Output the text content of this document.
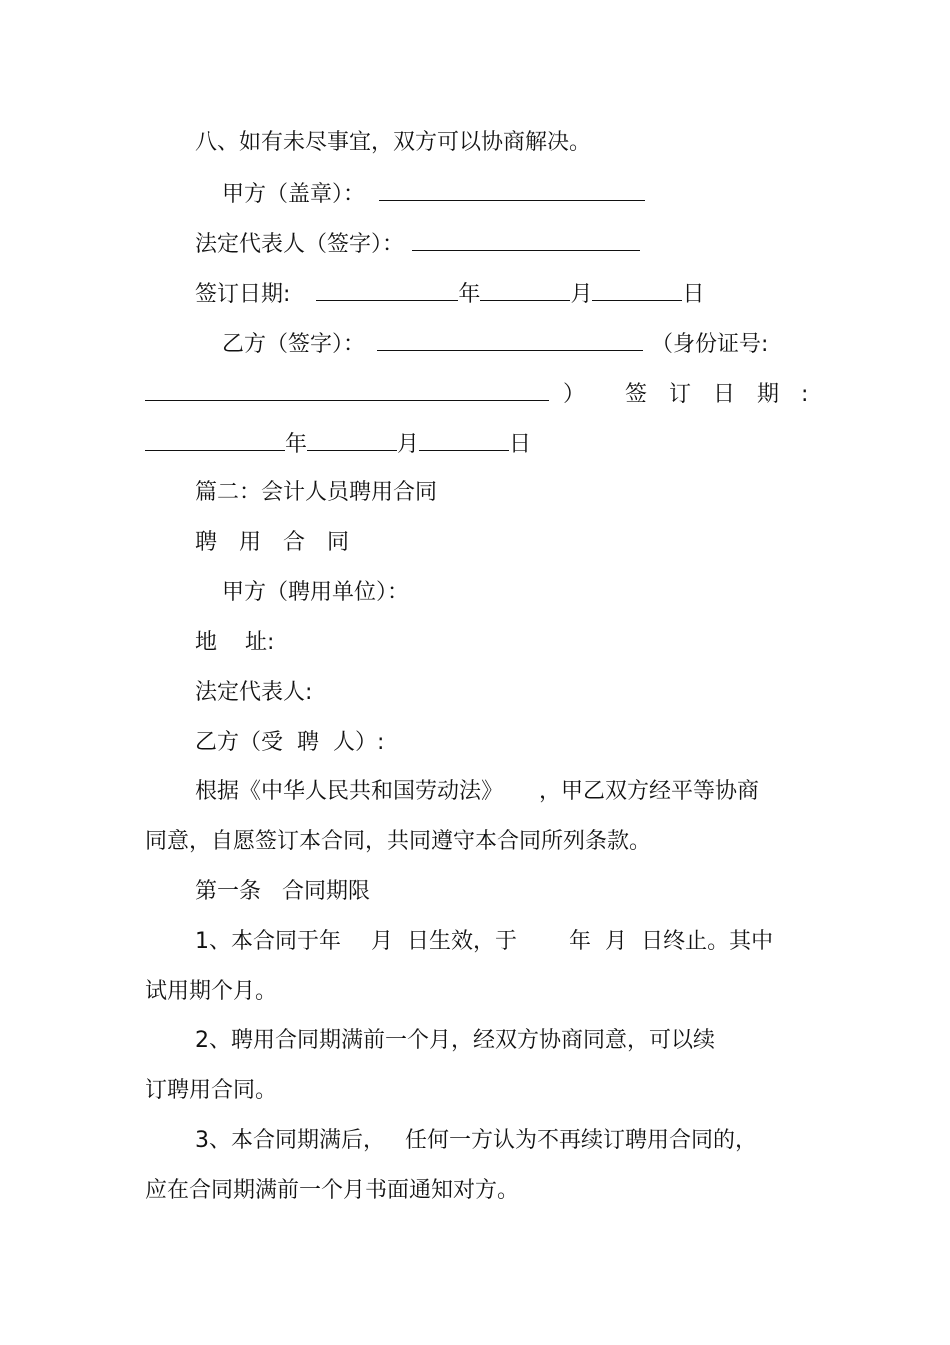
八、如有未尽事宜，双方可以协商解决。
甲方（盖章）：
法定代表人（签字）：
签订日期:	年	月	日
乙方（签字）：	（身份证号:
） 签订日期:
年	月	日
篇二：会计人员聘用合同
聘用合同
甲方（聘用单位）：
地    址:
法定代表人:
乙方（受  聘  人）:
根据《中华人民共和国劳动法》 ，甲乙双方经平等协商
同意，自愿签订本合同，共同遵守本合同所列条款。
第一条   合同期限
1、本合同于年 月 日生效，于 年 月 日终止。其中
试用期个月。
2、聘用合同期满前一个月，经双方协商同意，可以续
订聘用合同。
3、本合同期满后， 任何一方认为不再续订聘用合同的，
应在合同期满前一个月书面通知对方。
